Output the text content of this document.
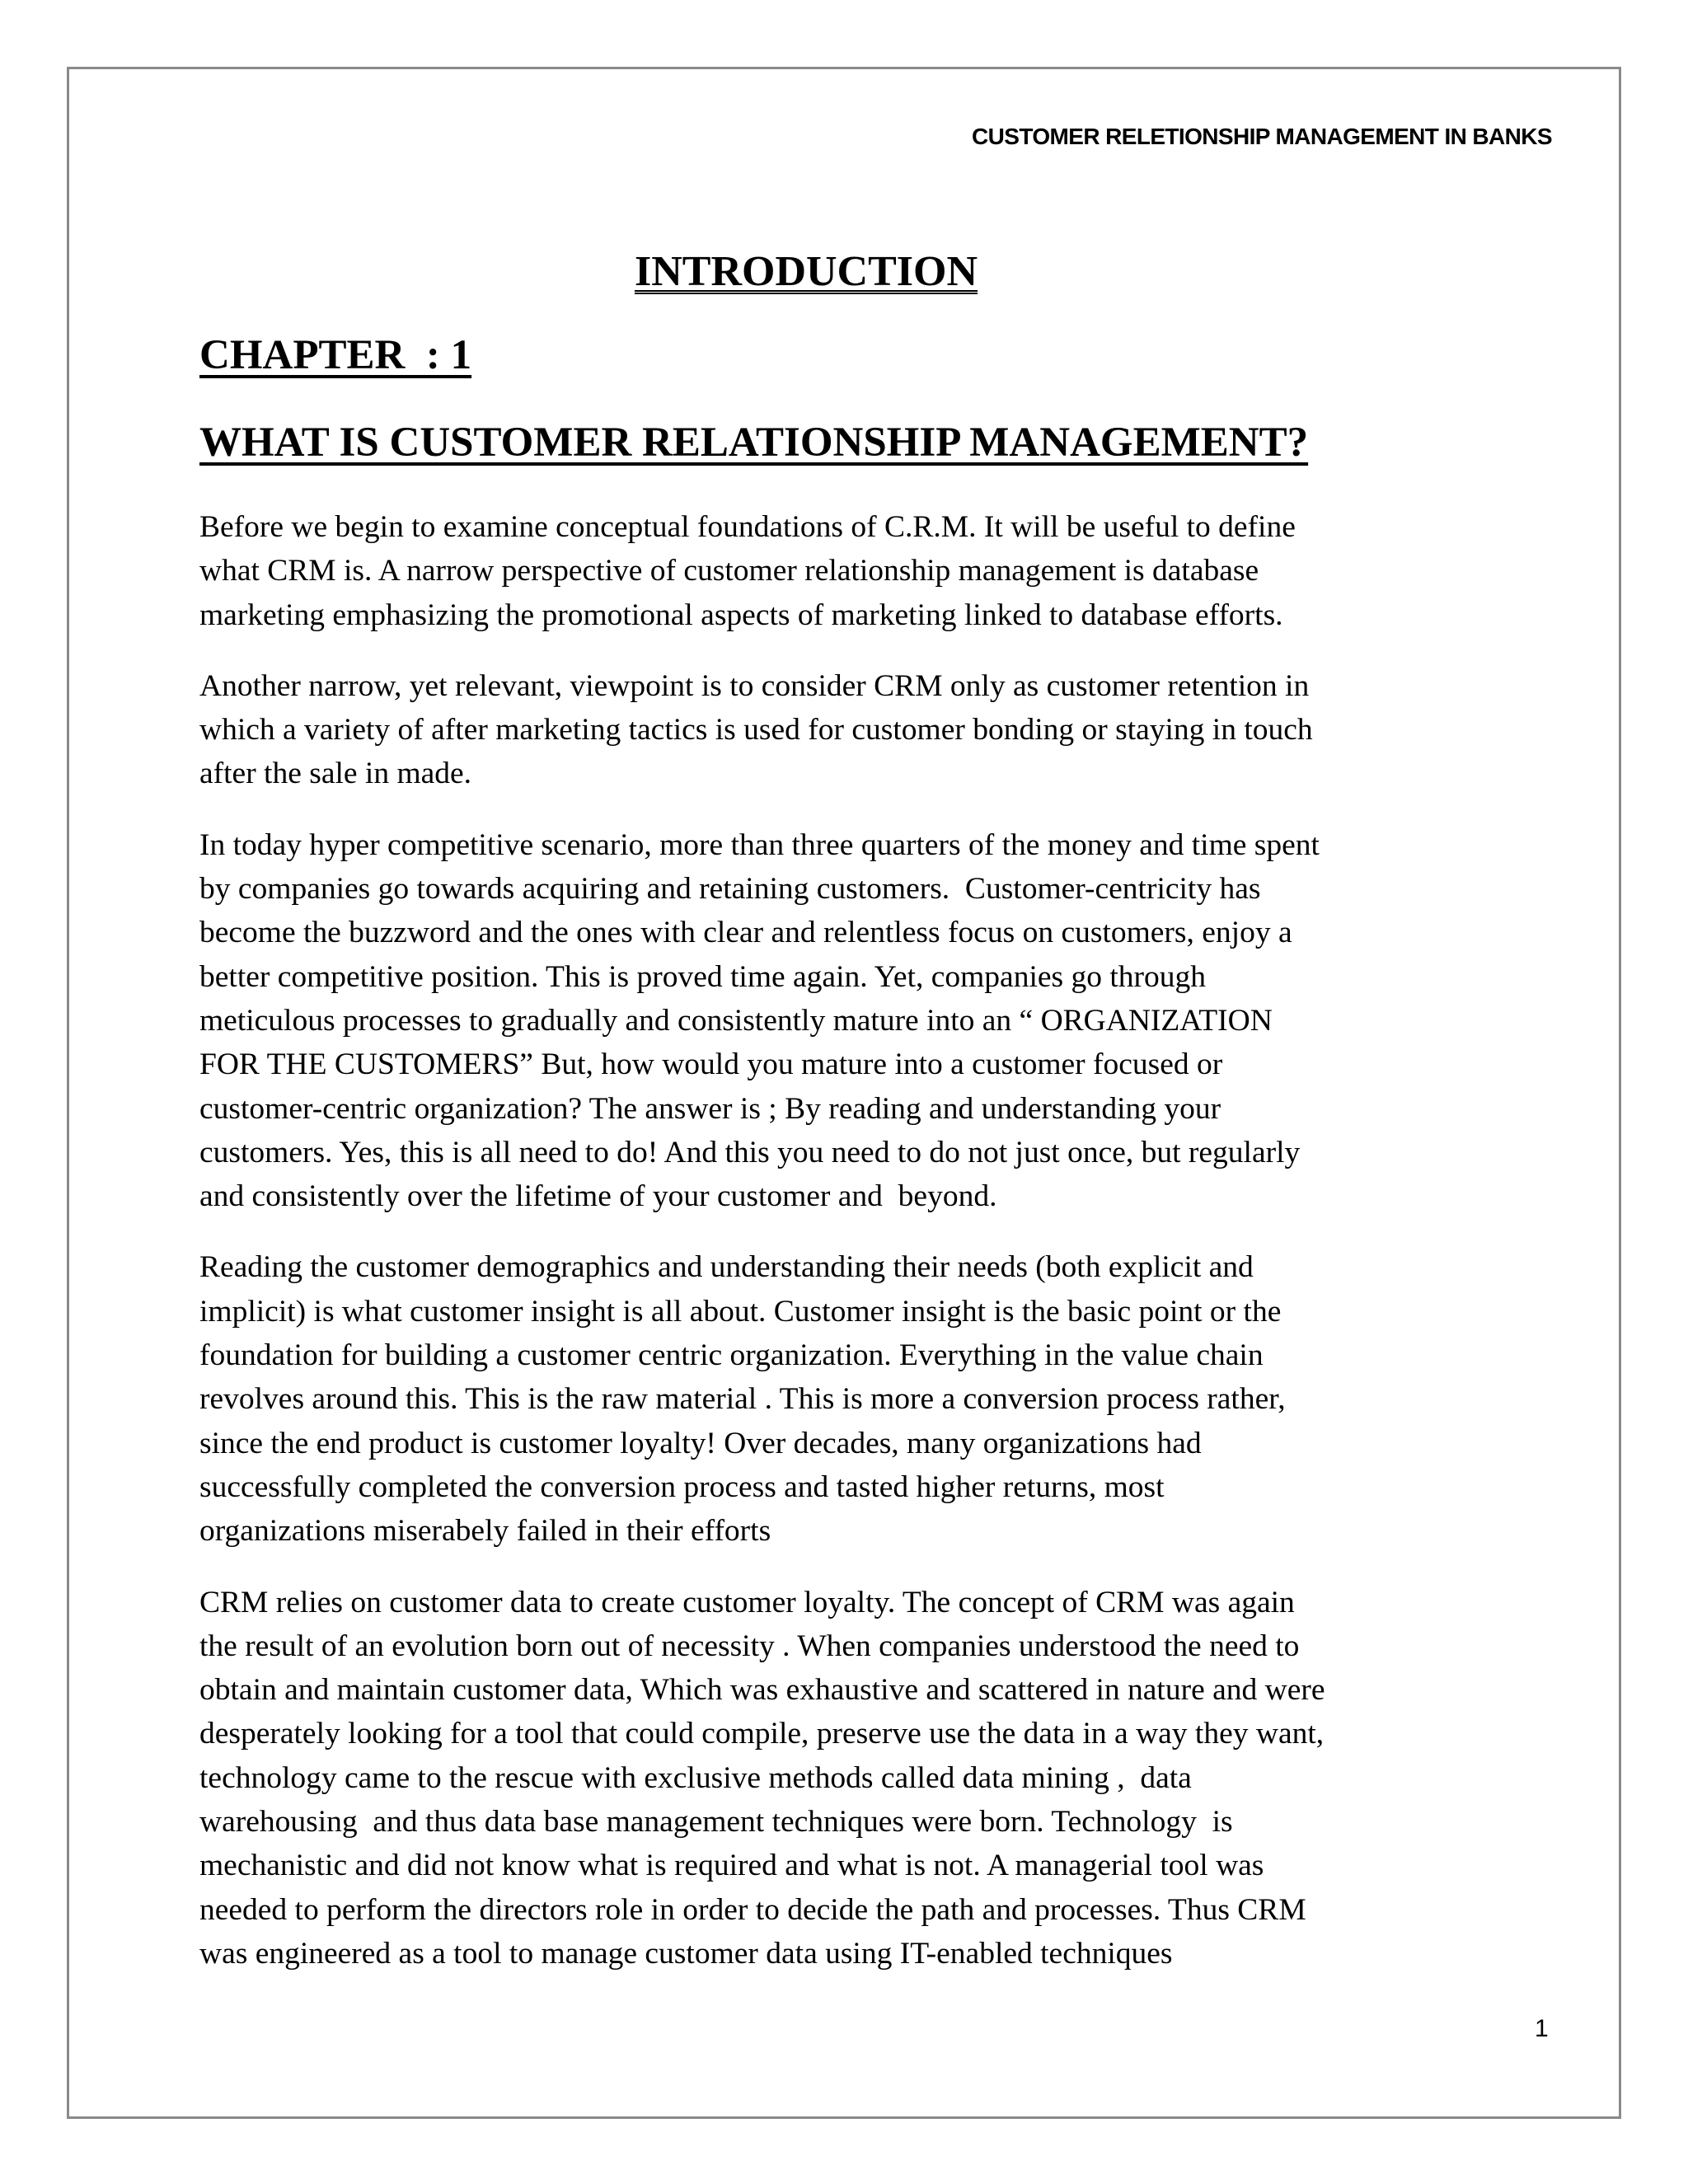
CUSTOMER RELETIONSHIP MANAGEMENT IN BANKS
INTRODUCTION
CHAPTER  : 1
WHAT IS CUSTOMER RELATIONSHIP MANAGEMENT?
Before we begin to examine conceptual foundations of C.R.M. It will be useful to define
what CRM is. A narrow perspective of customer relationship management is database
marketing emphasizing the promotional aspects of marketing linked to database efforts.
Another narrow, yet relevant, viewpoint is to consider CRM only as customer retention in
which a variety of after marketing tactics is used for customer bonding or staying in touch
after the sale in made.
In today hyper competitive scenario, more than three quarters of the money and time spent
by companies go towards acquiring and retaining customers.  Customer-centricity has
become the buzzword and the ones with clear and relentless focus on customers, enjoy a
better competitive position. This is proved time again. Yet, companies go through
meticulous processes to gradually and consistently mature into an “ ORGANIZATION
FOR THE CUSTOMERS” But, how would you mature into a customer focused or
customer-centric organization? The answer is ; By reading and understanding your
customers. Yes, this is all need to do! And this you need to do not just once, but regularly
and consistently over the lifetime of your customer and  beyond.
Reading the customer demographics and understanding their needs (both explicit and
implicit) is what customer insight is all about. Customer insight is the basic point or the
foundation for building a customer centric organization. Everything in the value chain
revolves around this. This is the raw material . This is more a conversion process rather,
since the end product is customer loyalty! Over decades, many organizations had
successfully completed the conversion process and tasted higher returns, most
organizations miserabely failed in their efforts
CRM relies on customer data to create customer loyalty. The concept of CRM was again
the result of an evolution born out of necessity . When companies understood the need to
obtain and maintain customer data, Which was exhaustive and scattered in nature and were
desperately looking for a tool that could compile, preserve use the data in a way they want,
technology came to the rescue with exclusive methods called data mining ,  data
warehousing  and thus data base management techniques were born. Technology  is
mechanistic and did not know what is required and what is not. A managerial tool was
needed to perform the directors role in order to decide the path and processes. Thus CRM
was engineered as a tool to manage customer data using IT-enabled techniques
1
